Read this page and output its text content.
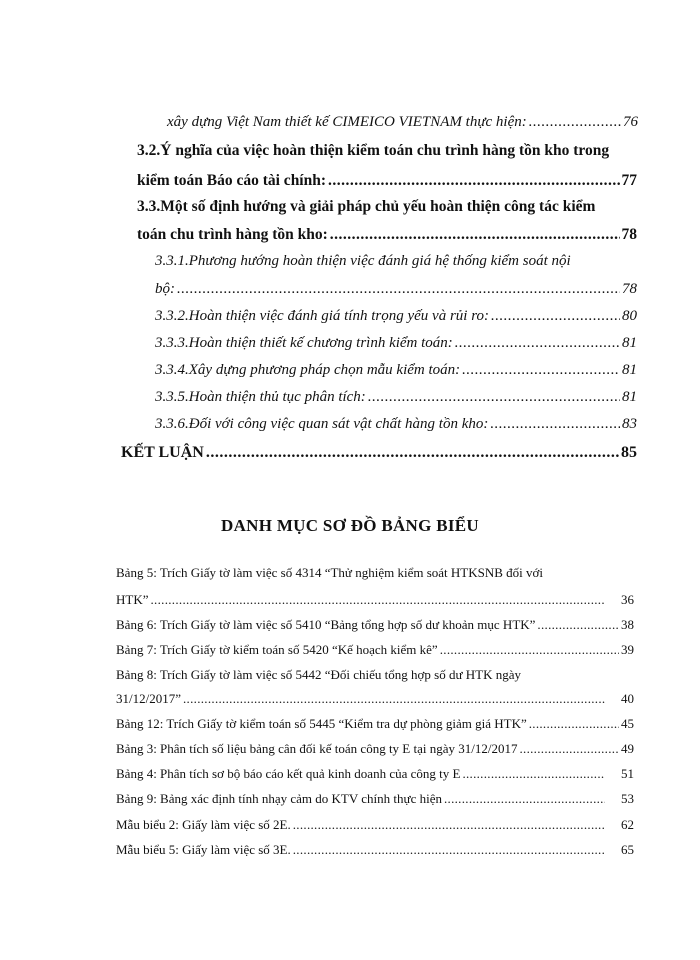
xây dựng Việt Nam thiết kế CIMEICO VIETNAM thực hiện: .....	76
3.2.Ý nghĩa của việc hoàn thiện kiểm toán chu trình hàng tồn kho trong
kiểm toán Báo cáo tài chính: .....	77
3.3.Một số định hướng và giải pháp chủ yếu hoàn thiện công tác kiểm
toán chu trình hàng tồn kho: .....	78
3.3.1.Phương hướng hoàn thiện việc đánh giá hệ thống kiểm soát nội
bộ: .....	78
3.3.2.Hoàn thiện việc đánh giá tính trọng yếu và rủi ro: .....	80
3.3.3.Hoàn thiện thiết kế chương trình kiểm toán: .....	81
3.3.4.Xây dựng phương pháp chọn mẫu kiểm toán: .....	81
3.3.5.Hoàn thiện thủ tục phân tích: .....	81
3.3.6.Đối với công việc quan sát vật chất hàng tồn kho: .....	83
KẾT LUẬN .....	85
DANH MỤC SƠ ĐỒ BẢNG BIỂU
Bảng 5: Trích Giấy tờ làm việc số 4314 “Thử nghiệm kiểm soát HTKSNB đối với
HTK” .....	36
Bảng 6: Trích Giấy tờ làm việc số 5410 “Bảng tổng hợp số dư khoản mục HTK” .....	38
Bảng 7: Trích Giấy tờ kiểm toán số 5420 “Kế hoạch kiểm kê” .....	39
Bảng 8: Trích Giấy tờ làm việc số 5442 “Đối chiếu tổng hợp số dư HTK ngày
31/12/2017” .....	40
Bảng 12: Trích Giấy tờ kiểm toán số 5445 “Kiểm tra dự phòng giảm giá HTK” .....	45
Bảng 3: Phân tích số liệu bảng cân đối kế toán công ty E tại ngày 31/12/2017 .....	49
Bảng 4: Phân tích sơ bộ báo cáo kết quả kinh doanh của công ty E .....	51
Bảng 9: Bảng xác định tính nhạy cảm do KTV chính thực hiện .....	53
Mẫu biểu 2: Giấy làm việc số 2E. .....	62
Mẫu biểu 5: Giấy làm việc số 3E. .....	65
